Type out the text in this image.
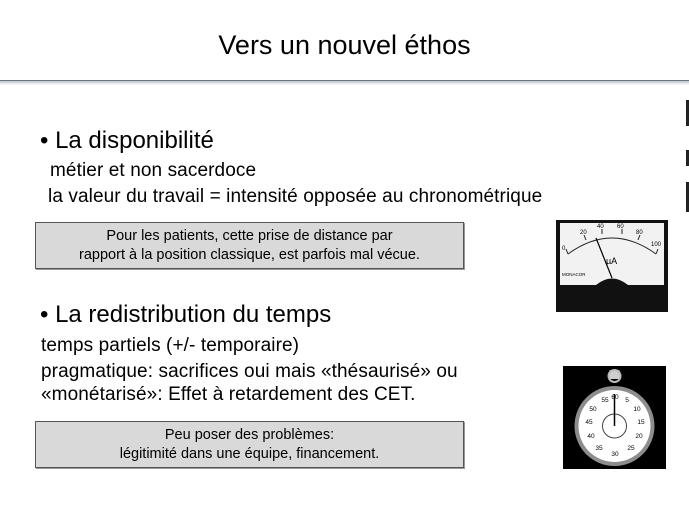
Vers un nouvel éthos
• La disponibilité
métier et non sacerdoce
la valeur du travail = intensité opposée au chronométrique
Pour les patients, cette prise de distance par
rapport à la position classique, est parfois mal vécue.	0
20
40 60
80
100
µA
MONACOR
• La redistribution du temps
temps partiels (+/- temporaire)
pragmatique: sacrifices oui mais «thésaurisé» ou
«monétarisé»: Effet à retardement des CET.
Peu poser des problèmes:
légitimité dans une équipe, financement.
55 60 5
10
50
15
45
20
40
25
35
30
